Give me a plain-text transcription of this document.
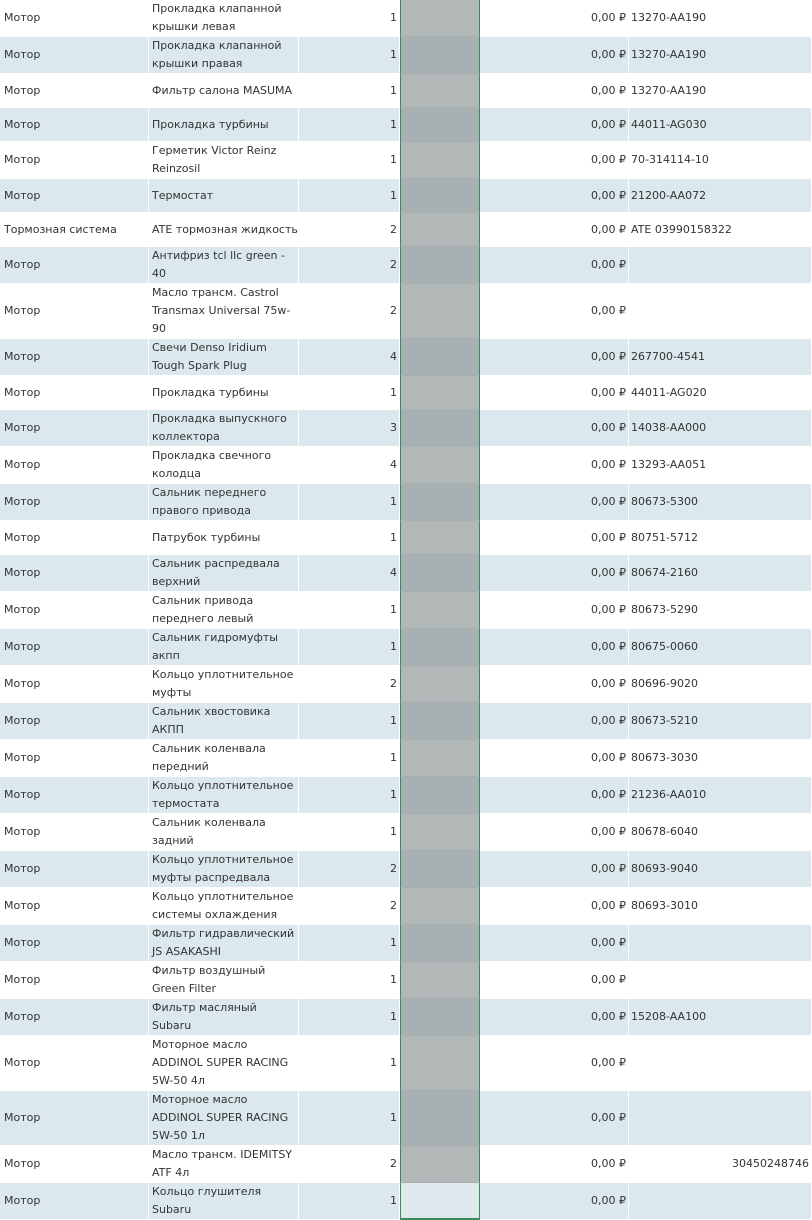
Мотор	Прокладка клапанной крышки левая	1		0,00 ₽	13270-AA190
Мотор	Прокладка клапанной крышки правая	1		0,00 ₽	13270-AA190
Мотор	Фильтр салона MASUMA	1		0,00 ₽	13270-AA190
Мотор	Прокладка турбины	1		0,00 ₽	44011-AG030
Мотор	Герметик Victor Reinz Reinzosil	1		0,00 ₽	70-314114-10
Мотор	Термостат	1		0,00 ₽	21200-AA072
Тормозная система	ATE тормозная жидкость	2		0,00 ₽	ATE 03990158322
Мотор	Антифриз tcl llc green - 40	2		0,00 ₽	
Мотор	Масло трансм. Castrol Transmax Universal 75w-90	2		0,00 ₽	
Мотор	Свечи Denso Iridium Tough Spark Plug	4		0,00 ₽	267700-4541
Мотор	Прокладка турбины	1		0,00 ₽	44011-AG020
Мотор	Прокладка выпускного коллектора	3		0,00 ₽	14038-AA000
Мотор	Прокладка свечного колодца	4		0,00 ₽	13293-AA051
Мотор	Сальник переднего правого привода	1		0,00 ₽	80673-5300
Мотор	Патрубок турбины	1		0,00 ₽	80751-5712
Мотор	Сальник распредвала верхний	4		0,00 ₽	80674-2160
Мотор	Сальник привода переднего левый	1		0,00 ₽	80673-5290
Мотор	Сальник гидромуфты акпп	1		0,00 ₽	80675-0060
Мотор	Кольцо уплотнительное муфты	2		0,00 ₽	80696-9020
Мотор	Сальник хвостовика АКПП	1		0,00 ₽	80673-5210
Мотор	Сальник коленвала передний	1		0,00 ₽	80673-3030
Мотор	Кольцо уплотнительное термостата	1		0,00 ₽	21236-AA010
Мотор	Сальник коленвала задний	1		0,00 ₽	80678-6040
Мотор	Кольцо уплотнительное муфты распредвала	2		0,00 ₽	80693-9040
Мотор	Кольцо уплотнительное системы охлаждения	2		0,00 ₽	80693-3010
Мотор	Фильтр гидравлический JS ASAKASHI	1		0,00 ₽	
Мотор	Фильтр воздушный Green Filter	1		0,00 ₽	
Мотор	Фильтр масляный Subaru	1		0,00 ₽	15208-AA100
Мотор	Моторное масло ADDINOL SUPER RACING 5W-50 4л	1		0,00 ₽	
Мотор	Моторное масло ADDINOL SUPER RACING 5W-50 1л	1		0,00 ₽	
Мотор	Масло трансм. IDEMITSY ATF 4л	2		0,00 ₽	30450248746

Мотор	Кольцо глушителя Subaru	1		0,00 ₽	
